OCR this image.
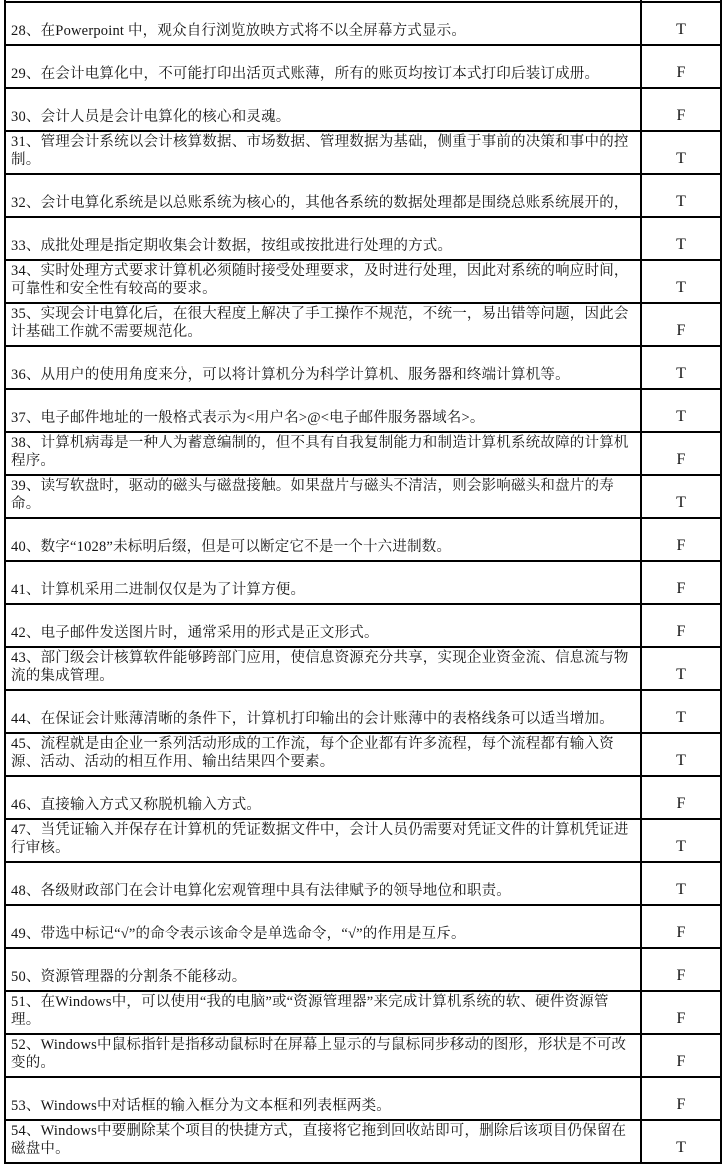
28、在Powerpoint 中，观众自行浏览放映方式将不以全屏幕方式显示。	T
29、在会计电算化中，不可能打印出活页式账薄，所有的账页均按订本式打印后装订成册。	F
30、会计人员是会计电算化的核心和灵魂。	F
31、管理会计系统以会计核算数据、市场数据、管理数据为基础，侧重于事前的决策和事中的控制。	T
32、会计电算化系统是以总账系统为核心的，其他各系统的数据处理都是围绕总账系统展开的，	T
33、成批处理是指定期收集会计数据，按组或按批进行处理的方式。	T
34、实时处理方式要求计算机必须随时接受处理要求，及时进行处理，因此对系统的响应时间，可靠性和安全性有较高的要求。	T
35、实现会计电算化后，在很大程度上解决了手工操作不规范，不统一，易出错等问题，因此会计基础工作就不需要规范化。	F
36、从用户的使用角度来分，可以将计算机分为科学计算机、服务器和终端计算机等。	T
37、电子邮件地址的一般格式表示为<用户名>@<电子邮件服务器域名>。	T
38、计算机病毒是一种人为蓄意编制的，但不具有自我复制能力和制造计算机系统故障的计算机程序。	F
39、读写软盘时，驱动的磁头与磁盘接触。如果盘片与磁头不清洁，则会影响磁头和盘片的寿命。	T
40、数字“1028”未标明后缀，但是可以断定它不是一个十六进制数。	F
41、计算机采用二进制仅仅是为了计算方便。	F
42、电子邮件发送图片时，通常采用的形式是正文形式。	F
43、部门级会计核算软件能够跨部门应用，使信息资源充分共享，实现企业资金流、信息流与物流的集成管理。	T
44、在保证会计账薄清晰的条件下，计算机打印输出的会计账薄中的表格线条可以适当增加。	T
45、流程就是由企业一系列活动形成的工作流，每个企业都有许多流程，每个流程都有输入资源、活动、活动的相互作用、输出结果四个要素。	T
46、直接输入方式又称脱机输入方式。	F
47、当凭证输入并保存在计算机的凭证数据文件中，会计人员仍需要对凭证文件的计算机凭证进行审核。	T
48、各级财政部门在会计电算化宏观管理中具有法律赋予的领导地位和职责。	T
49、带选中标记“√”的命令表示该命令是单选命令，“√”的作用是互斥。	F
50、资源管理器的分割条不能移动。	F
51、在Windows中，可以使用“我的电脑”或“资源管理器”来完成计算机系统的软、硬件资源管理。	F
52、Windows中鼠标指针是指移动鼠标时在屏幕上显示的与鼠标同步移动的图形，形状是不可改变的。	F
53、Windows中对话框的输入框分为文本框和列表框两类。	F
54、Windows中要删除某个项目的快捷方式，直接将它拖到回收站即可，删除后该项目仍保留在磁盘中。	T
